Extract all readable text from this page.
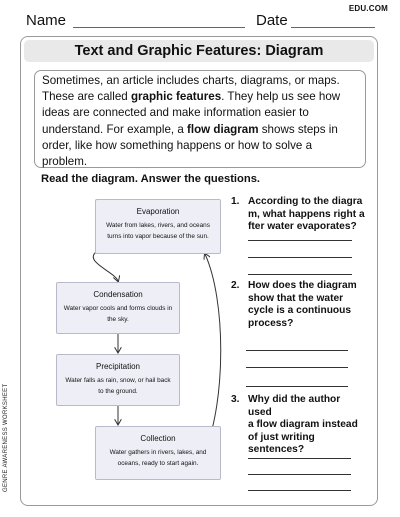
Name	Date
EDU.COM
Text and Graphic Features: Diagram
Sometimes, an article includes charts, diagrams, or maps. These are called graphic features. They help us see how ideas are connected and make information easier to understand. For example, a flow diagram shows steps in order, like how something happens or how to solve a problem.
Read the diagram. Answer the questions.
Evaporation
Water from lakes, rivers, and oceans turns into vapor because of the sun.
Condensation
Water vapor cools and forms clouds in the sky.
Precipitation
Water falls as rain, snow, or hail back to the ground.
Collection
Water gathers in rivers, lakes, and oceans, ready to start again.
1. According to the diagra
m, what happens right a
fter water evaporates?
2. How does the diagram
show that the water
cycle is a continuous
process?
3. Why did the author used
a flow diagram instead
of just writing
sentences?
GENRE AWARENESS WORKSHEET
